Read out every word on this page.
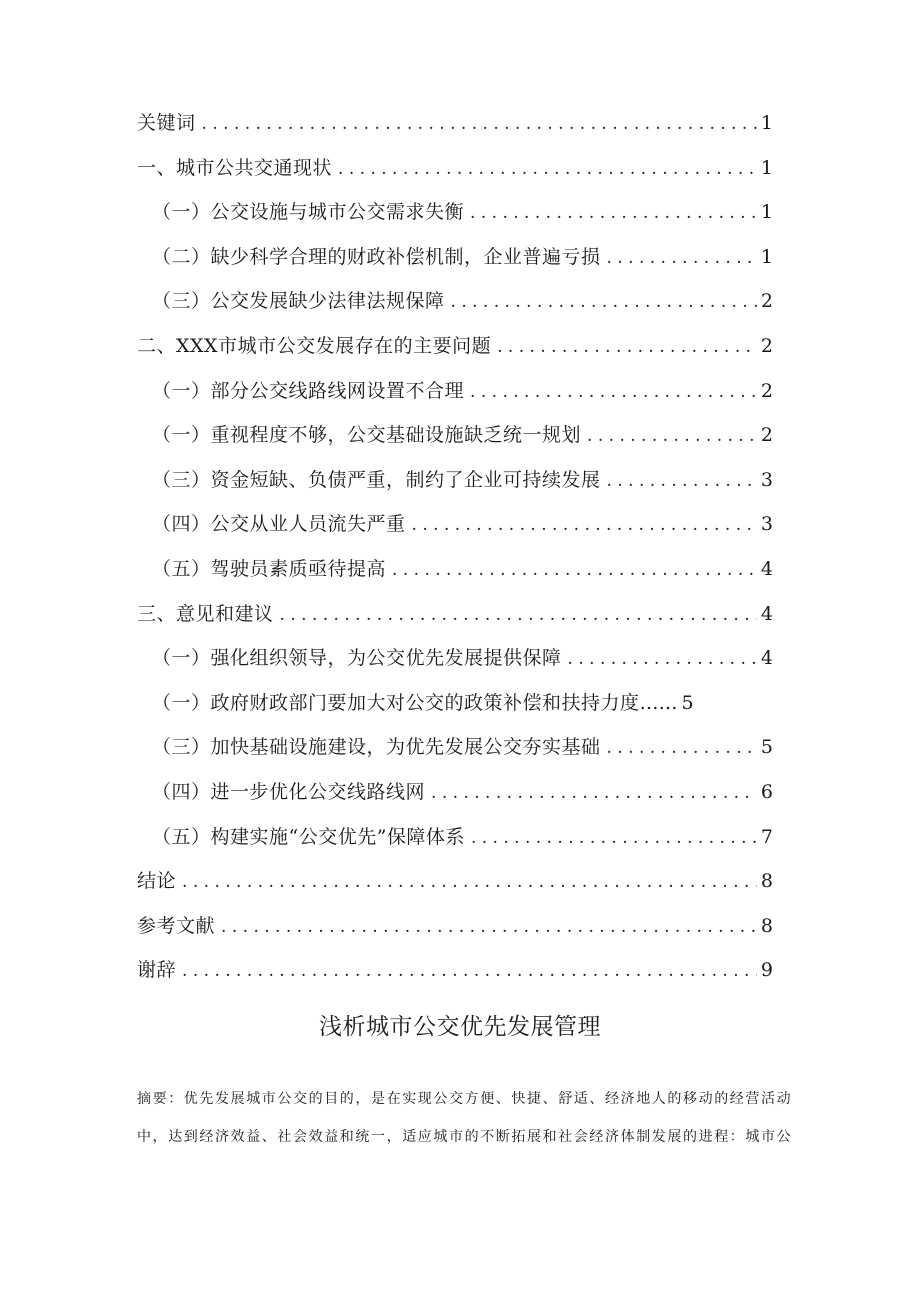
关键词 . . .	1
一、城市公共交通现状 . . .	1
（一）公交设施与城市公交需求失衡 . . .	1
（二）缺少科学合理的财政补偿机制，企业普遍亏损 . . .	1
（三）公交发展缺少法律法规保障 . . .	2
二、XXX市城市公交发展存在的主要问题 . . .	2
（一）部分公交线路线网设置不合理 . . .	2
（一）重视程度不够，公交基础设施缺乏统一规划 . . .	2
（三）资金短缺、负债严重，制约了企业可持续发展 . . .	3
（四）公交从业人员流失严重 . . .	3
（五）驾驶员素质亟待提高 . . .	4
三、意见和建议 . . .	4
（一）强化组织领导，为公交优先发展提供保障 . . .	4
（一）政府财政部门要加大对公交的政策补偿和扶持力度 …… 5
（三）加快基础设施建设，为优先发展公交夯实基础 . . .	5
（四）进一步优化公交线路线网 . . .	6
（五）构建实施“公交优先”保障体系 . . .	7
结论 . . .	8
参考文献 . . .	8
谢辞 . . .	9
浅析城市公交优先发展管理
摘要：优先发展城市公交的目的，是在实现公交方便、快捷、舒适、经济地人的移动的经营活动
中，达到经济效益、社会效益和统一，适应城市的不断拓展和社会经济体制发展的进程：城市公
